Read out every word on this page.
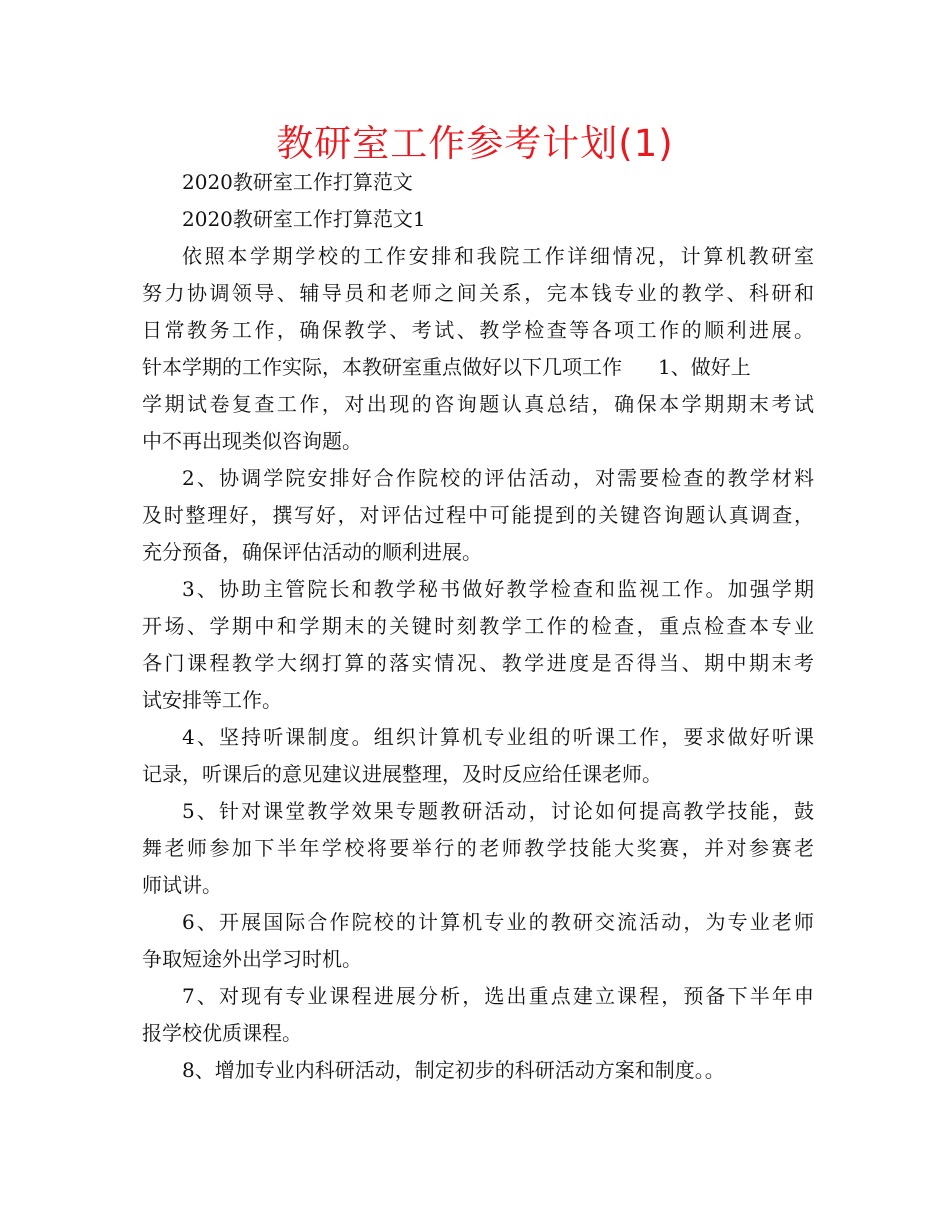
教研室工作参考计划(1)
2020教研室工作打算范文
2020教研室工作打算范文1
依照本学期学校的工作安排和我院工作详细情况，计算机教研室
努力协调领导、辅导员和老师之间关系，完本钱专业的教学、科研和
日常教务工作，确保教学、考试、教学检查等各项工作的顺利进展。
针本学期的工作实际，本教研室重点做好以下几项工作 1、做好上
学期试卷复查工作，对出现的咨询题认真总结，确保本学期期末考试
中不再出现类似咨询题。
2、协调学院安排好合作院校的评估活动，对需要检查的教学材料
及时整理好，撰写好，对评估过程中可能提到的关键咨询题认真调查，
充分预备，确保评估活动的顺利进展。
3、协助主管院长和教学秘书做好教学检查和监视工作。加强学期
开场、学期中和学期末的关键时刻教学工作的检查，重点检查本专业
各门课程教学大纲打算的落实情况、教学进度是否得当、期中期末考
试安排等工作。
4、坚持听课制度。组织计算机专业组的听课工作，要求做好听课
记录，听课后的意见建议进展整理，及时反应给任课老师。
5、针对课堂教学效果专题教研活动，讨论如何提高教学技能，鼓
舞老师参加下半年学校将要举行的老师教学技能大奖赛，并对参赛老
师试讲。
6、开展国际合作院校的计算机专业的教研交流活动，为专业老师
争取短途外出学习时机。
7、对现有专业课程进展分析，选出重点建立课程，预备下半年申
报学校优质课程。
8、增加专业内科研活动，制定初步的科研活动方案和制度。。
